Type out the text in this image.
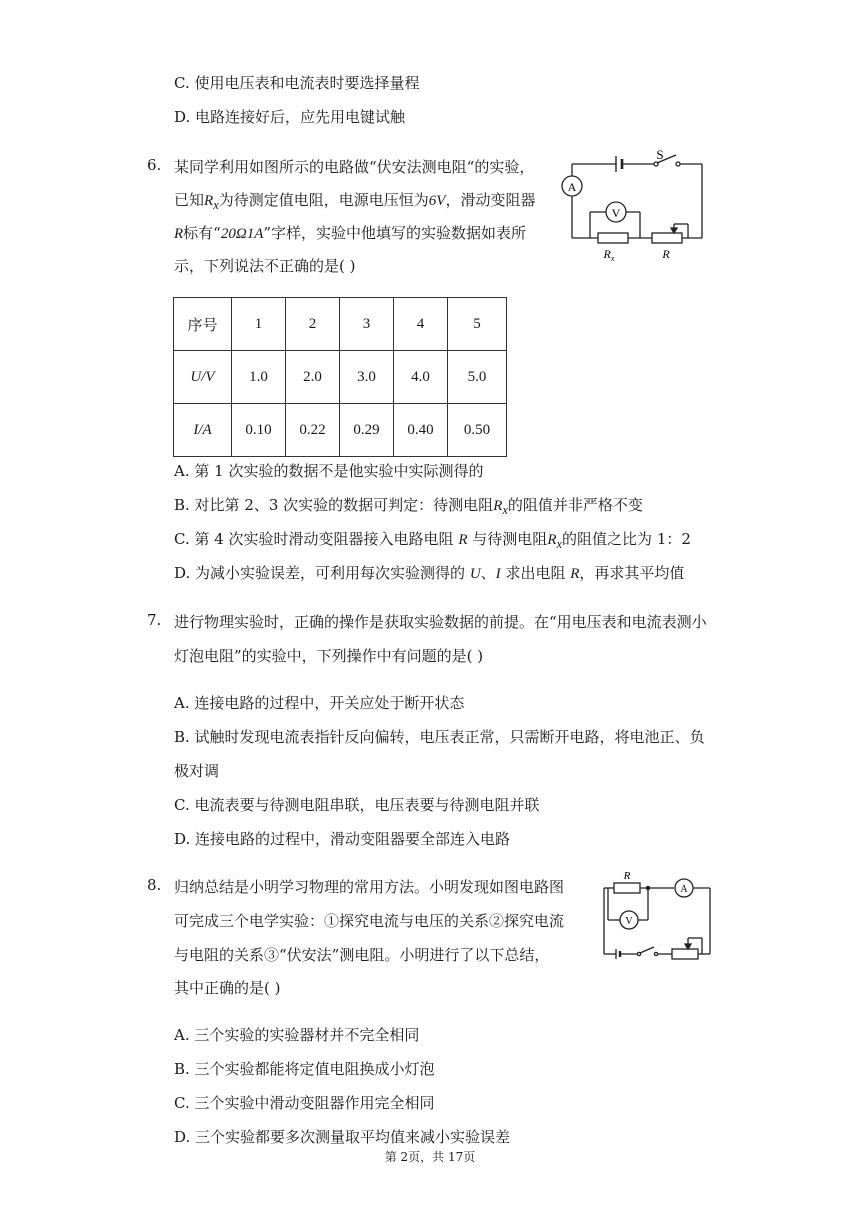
C. 使用电压表和电流表时要选择量程
D. 电路连接好后，应先用电键试触
6. 某同学利用如图所示的电路做“伏安法测电阻“的实验，
已知$R_x$为待测定值电阻，电源电压恒为6V，滑动变阻器
R标有“20Ω1A”字样，实验中他填写的实验数据如表所
示，下列说法不正确的是( )
A
V
S
$R_x$	R
序号	1	2	3	4	5
U/V	1.0	2.0	3.0	4.0	5.0
I/A	0.10	0.22	0.29	0.40	0.50
A. 第 1 次实验的数据不是他实验中实际测得的
B. 对比第 2、3 次实验的数据可判定：待测电阻$R_x$的阻值并非严格不变
C. 第 4 次实验时滑动变阻器接入电路电阻 R 与待测电阻$R_x$的阻值之比为 1：2
D. 为减小实验误差，可利用每次实验测得的 U、I 求出电阻 R，再求其平均值
7. 进行物理实验时，正确的操作是获取实验数据的前提。在“用电压表和电流表测小
灯泡电阻”的实验中，下列操作中有问题的是( )
A. 连接电路的过程中，开关应处于断开状态
B. 试触时发现电流表指针反向偏转，电压表正常，只需断开电路，将电池正、负
极对调
C. 电流表要与待测电阻串联，电压表要与待测电阻并联
D. 连接电路的过程中，滑动变阻器要全部连入电路
8. 归纳总结是小明学习物理的常用方法。小明发现如图电路图
可完成三个电学实验：①探究电流与电压的关系②探究电流
与电阻的关系③“伏安法”测电阻。小明进行了以下总结，
其中正确的是( )
R
A
V
A. 三个实验的实验器材并不完全相同
B. 三个实验都能将定值电阻换成小灯泡
C. 三个实验中滑动变阻器作用完全相同
D. 三个实验都要多次测量取平均值来减小实验误差
第 2页，共 17页
